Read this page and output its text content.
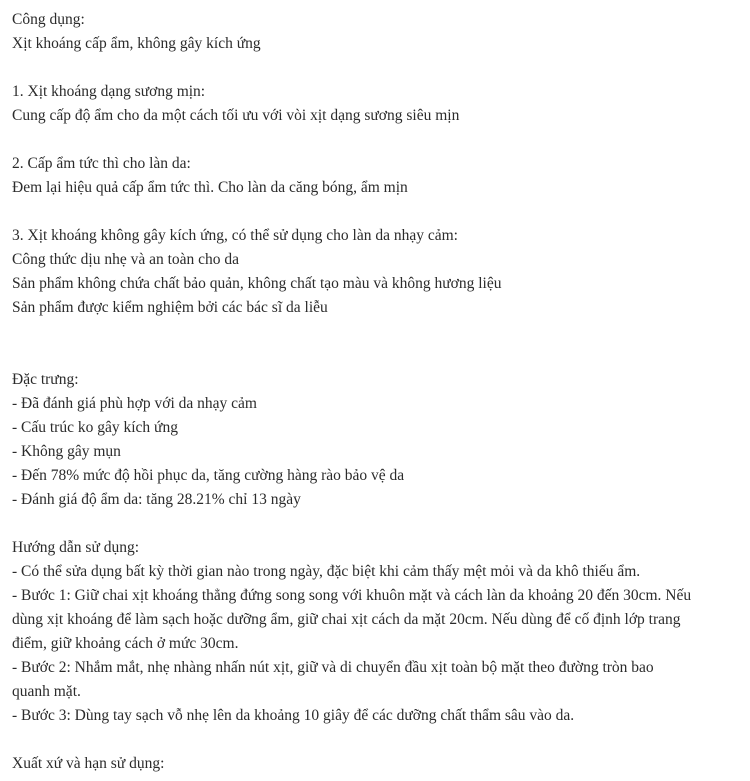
Công dụng:
Xịt khoáng cấp ẩm, không gây kích ứng
1. Xịt khoáng dạng sương mịn:
Cung cấp độ ẩm cho da một cách tối ưu với vòi xịt dạng sương siêu mịn
2. Cấp ẩm tức thì cho làn da:
Đem lại hiệu quả cấp ẩm tức thì. Cho làn da căng bóng, ẩm mịn
3. Xịt khoáng không gây kích ứng, có thể sử dụng cho làn da nhạy cảm:
Công thức dịu nhẹ và an toàn cho da
Sản phẩm không chứa chất bảo quản, không chất tạo màu và không hương liệu
Sản phẩm được kiểm nghiệm bởi các bác sĩ da liễu
Đặc trưng:
- Đã đánh giá phù hợp với da nhạy cảm
- Cấu trúc ko gây kích ứng
- Không gây mụn
- Đến 78% mức độ hồi phục da, tăng cường hàng rào bảo vệ da
- Đánh giá độ ẩm da: tăng 28.21% chỉ 13 ngày
Hướng dẫn sử dụng:
- Có thể sửa dụng bất kỳ thời gian nào trong ngày, đặc biệt khi cảm thấy mệt mỏi và da khô thiếu ẩm.
- Bước 1: Giữ chai xịt khoáng thẳng đứng song song với khuôn mặt và cách làn da khoảng 20 đến 30cm. Nếu
dùng xịt khoáng để làm sạch hoặc dưỡng ẩm, giữ chai xịt cách da mặt 20cm. Nếu dùng để cố định lớp trang
điểm, giữ khoảng cách ở mức 30cm.
- Bước 2: Nhắm mắt, nhẹ nhàng nhấn nút xịt, giữ và di chuyển đầu xịt toàn bộ mặt theo đường tròn bao
quanh mặt.
- Bước 3: Dùng tay sạch vỗ nhẹ lên da khoảng 10 giây để các dưỡng chất thẩm sâu vào da.
Xuất xứ và hạn sử dụng:
